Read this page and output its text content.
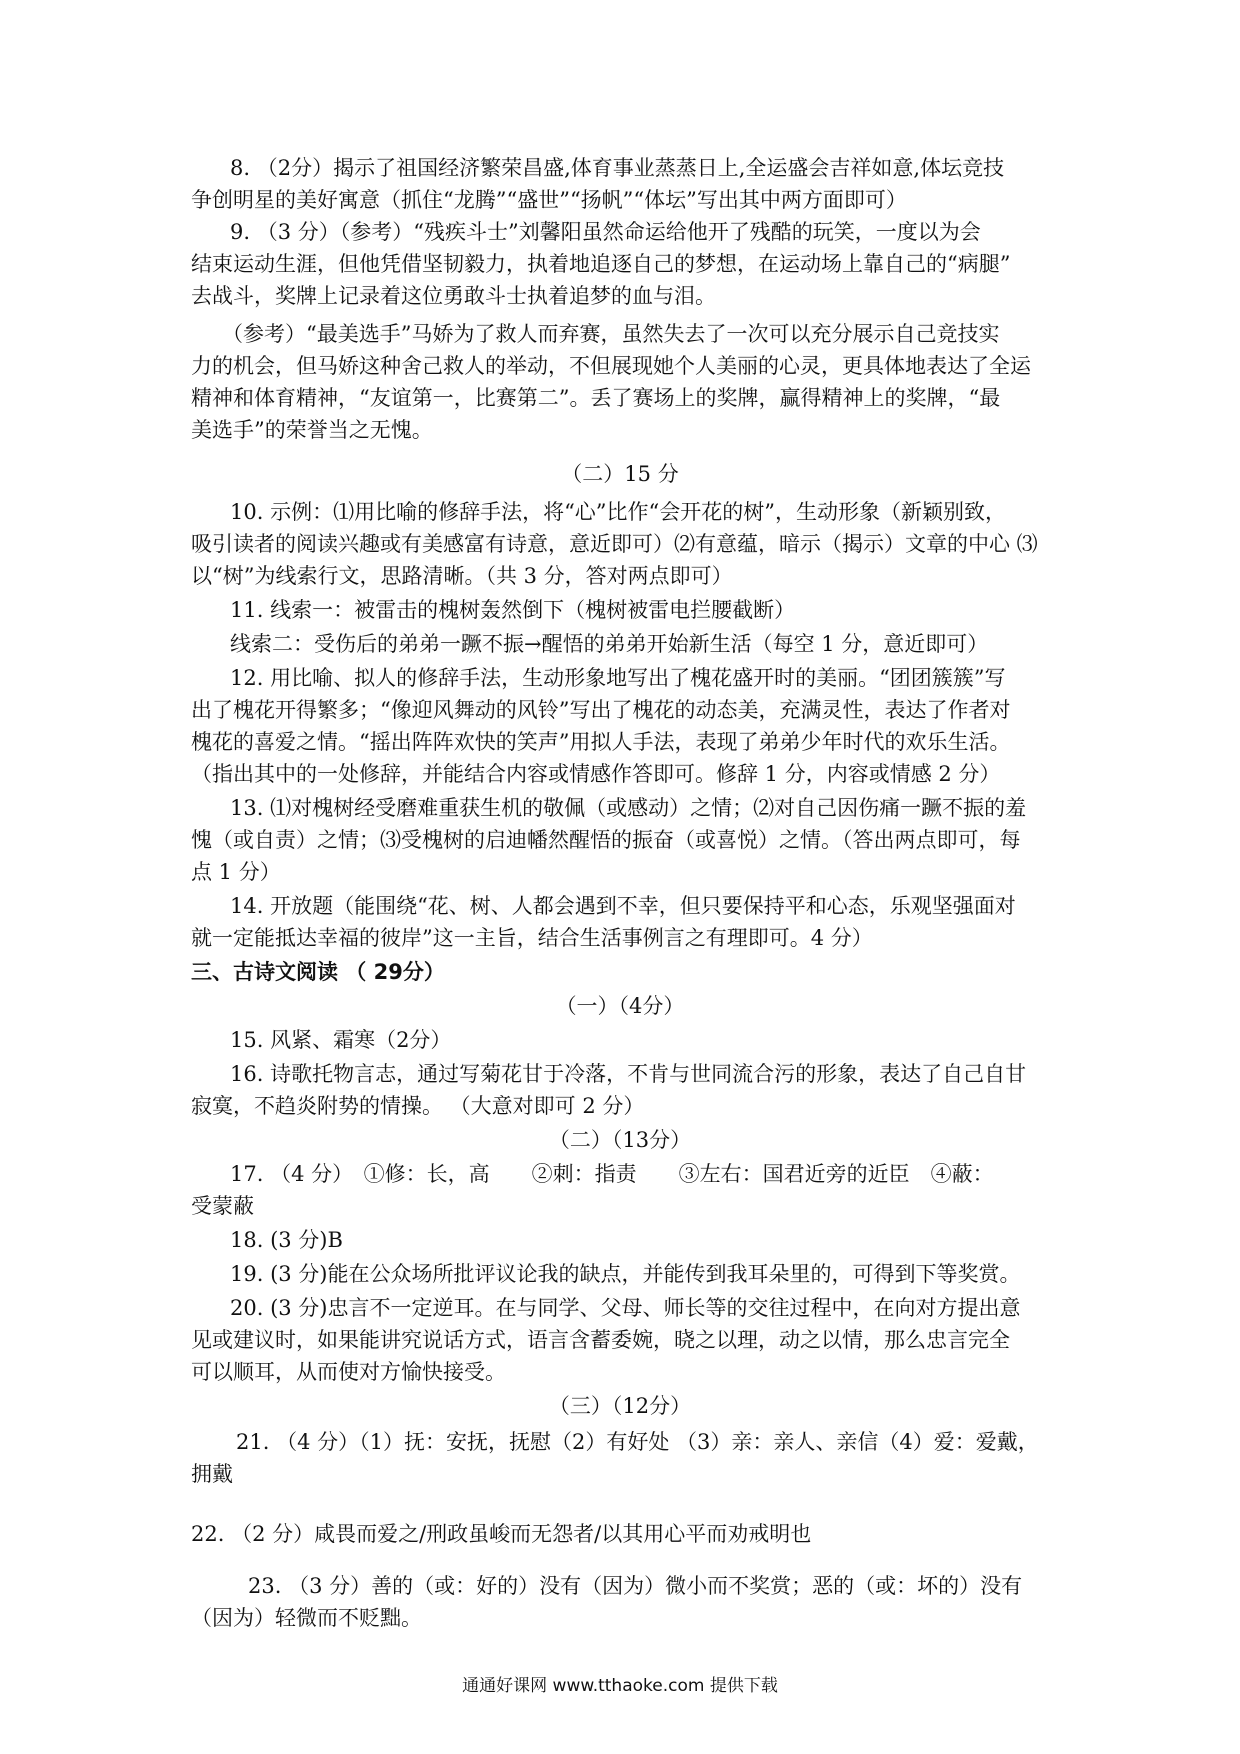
8. （2分）揭示了祖国经济繁荣昌盛,体育事业蒸蒸日上,全运盛会吉祥如意,体坛竞技
争创明星的美好寓意（抓住“龙腾”“盛世”“扬帆”“体坛”写出其中两方面即可）
9. （3 分）（参考）“残疾斗士”刘馨阳虽然命运给他开了残酷的玩笑，一度以为会
结束运动生涯，但他凭借坚韧毅力，执着地追逐自己的梦想，在运动场上靠自己的“病腿”
去战斗，奖牌上记录着这位勇敢斗士执着追梦的血与泪。
（参考）“最美选手”马娇为了救人而弃赛，虽然失去了一次可以充分展示自己竞技实
力的机会，但马娇这种舍己救人的举动，不但展现她个人美丽的心灵，更具体地表达了全运
精神和体育精神，“友谊第一，比赛第二”。丢了赛场上的奖牌，赢得精神上的奖牌，“最
美选手”的荣誉当之无愧。
（二）15 分
10. 示例：⑴用比喻的修辞手法，将“心”比作“会开花的树”，生动形象（新颖别致，
吸引读者的阅读兴趣或有美感富有诗意，意近即可）⑵有意蕴，暗示（揭示）文章的中心 ⑶
以“树”为线索行文，思路清晰。（共 3 分，答对两点即可）
11. 线索一：被雷击的槐树轰然倒下（槐树被雷电拦腰截断）
线索二：受伤后的弟弟一蹶不振→醒悟的弟弟开始新生活（每空 1 分，意近即可）
12. 用比喻、拟人的修辞手法，生动形象地写出了槐花盛开时的美丽。“团团簇簇”写
出了槐花开得繁多；“像迎风舞动的风铃”写出了槐花的动态美，充满灵性，表达了作者对
槐花的喜爱之情。“摇出阵阵欢快的笑声”用拟人手法，表现了弟弟少年时代的欢乐生活。
（指出其中的一处修辞，并能结合内容或情感作答即可。修辞 1 分，内容或情感 2 分）
13. ⑴对槐树经受磨难重获生机的敬佩（或感动）之情；⑵对自己因伤痛一蹶不振的羞
愧（或自责）之情；⑶受槐树的启迪幡然醒悟的振奋（或喜悦）之情。（答出两点即可，每
点 1 分）
14. 开放题（能围绕“花、树、人都会遇到不幸，但只要保持平和心态，乐观坚强面对
就一定能抵达幸福的彼岸”这一主旨，结合生活事例言之有理即可。4 分）
三、古诗文阅读 （ 29分）
（一）（4分）
15. 风紧、霜寒（2分）
16. 诗歌托物言志，通过写菊花甘于冷落，不肯与世同流合污的形象，表达了自己自甘
寂寞，不趋炎附势的情操。 （大意对即可 2 分）
（二）（13分）
17. （4 分）　①修：长，高　　②刺：指责　　③左右：国君近旁的近臣　④蔽：
受蒙蔽
18. (3 分)B
19. (3 分)能在公众场所批评议论我的缺点，并能传到我耳朵里的，可得到下等奖赏。
20. (3 分)忠言不一定逆耳。在与同学、父母、师长等的交往过程中，在向对方提出意
见或建议时，如果能讲究说话方式，语言含蓄委婉，晓之以理，动之以情，那么忠言完全
可以顺耳，从而使对方愉快接受。
（三）（12分）
21. （4 分）（1）抚：安抚，抚慰（2）有好处 （3）亲：亲人、亲信（4）爱：爱戴，
拥戴
22. （2 分）咸畏而爱之/刑政虽峻而无怨者/以其用心平而劝戒明也
23. （3 分）善的（或：好的）没有（因为）微小而不奖赏；恶的（或：坏的）没有
（因为）轻微而不贬黜。
通通好课网 www.tthaoke.com 提供下载
